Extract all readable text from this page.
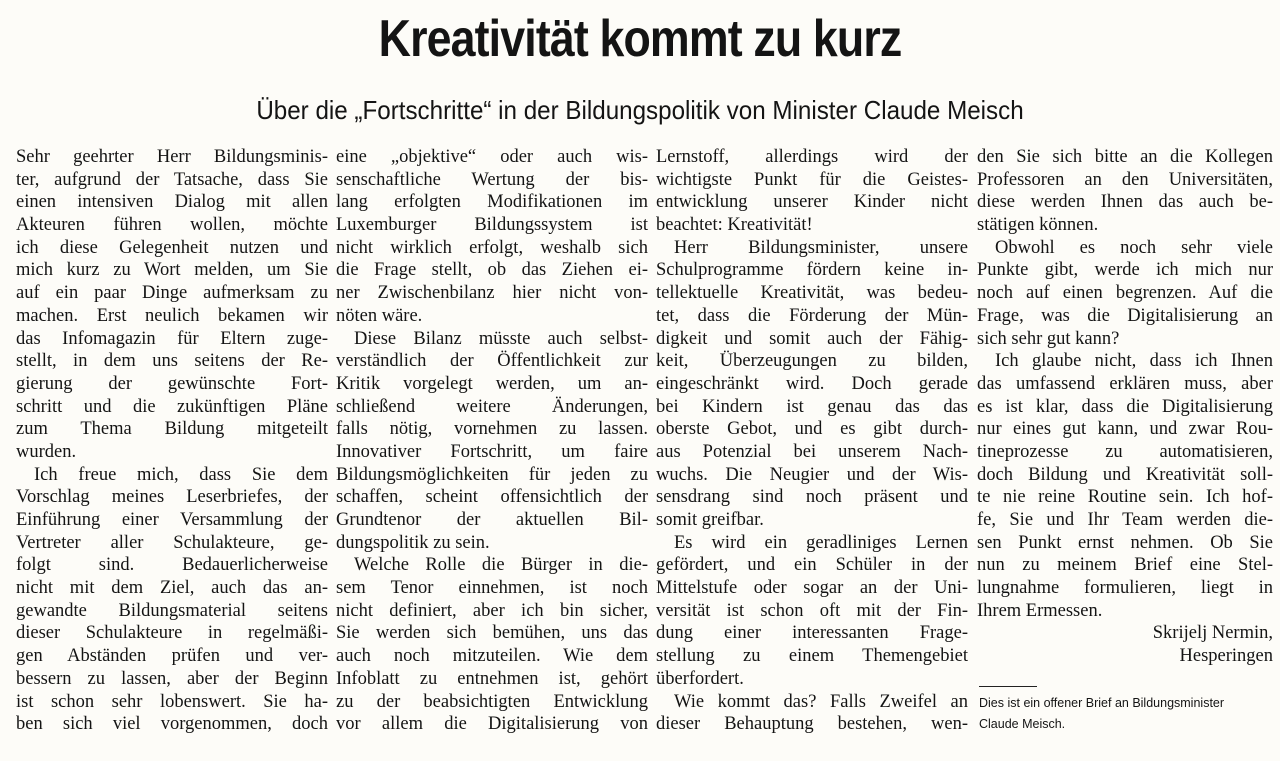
Kreativität kommt zu kurz
Über die „Fortschritte“ in der Bildungspolitik von Minister Claude Meisch
Sehr geehrter Herr Bildungsminis-
ter, aufgrund der Tatsache, dass Sie
einen intensiven Dialog mit allen
Akteuren führen wollen, möchte
ich diese Gelegenheit nutzen und
mich kurz zu Wort melden, um Sie
auf ein paar Dinge aufmerksam zu
machen. Erst neulich bekamen wir
das Infomagazin für Eltern zuge-
stellt, in dem uns seitens der Re-
gierung der gewünschte Fort-
schritt und die zukünftigen Pläne
zum Thema Bildung mitgeteilt
wurden.
Ich freue mich, dass Sie dem
Vorschlag meines Leserbriefes, der
Einführung einer Versammlung der
Vertreter aller Schulakteure, ge-
folgt sind. Bedauerlicherweise
nicht mit dem Ziel, auch das an-
gewandte Bildungsmaterial seitens
dieser Schulakteure in regelmäßi-
gen Abständen prüfen und ver-
bessern zu lassen, aber der Beginn
ist schon sehr lobenswert. Sie ha-
ben sich viel vorgenommen, doch
eine „objektive“ oder auch wis-
senschaftliche Wertung der bis-
lang erfolgten Modifikationen im
Luxemburger Bildungssystem ist
nicht wirklich erfolgt, weshalb sich
die Frage stellt, ob das Ziehen ei-
ner Zwischenbilanz hier nicht von-
nöten wäre.
Diese Bilanz müsste auch selbst-
verständlich der Öffentlichkeit zur
Kritik vorgelegt werden, um an-
schließend weitere Änderungen,
falls nötig, vornehmen zu lassen.
Innovativer Fortschritt, um faire
Bildungsmöglichkeiten für jeden zu
schaffen, scheint offensichtlich der
Grundtenor der aktuellen Bil-
dungspolitik zu sein.
Welche Rolle die Bürger in die-
sem Tenor einnehmen, ist noch
nicht definiert, aber ich bin sicher,
Sie werden sich bemühen, uns das
auch noch mitzuteilen. Wie dem
Infoblatt zu entnehmen ist, gehört
zu der beabsichtigten Entwicklung
vor allem die Digitalisierung von
Lernstoff, allerdings wird der
wichtigste Punkt für die Geistes-
entwicklung unserer Kinder nicht
beachtet: Kreativität!
Herr Bildungsminister, unsere
Schulprogramme fördern keine in-
tellektuelle Kreativität, was bedeu-
tet, dass die Förderung der Mün-
digkeit und somit auch der Fähig-
keit, Überzeugungen zu bilden,
eingeschränkt wird. Doch gerade
bei Kindern ist genau das das
oberste Gebot, und es gibt durch-
aus Potenzial bei unserem Nach-
wuchs. Die Neugier und der Wis-
sensdrang sind noch präsent und
somit greifbar.
Es wird ein geradliniges Lernen
gefördert, und ein Schüler in der
Mittelstufe oder sogar an der Uni-
versität ist schon oft mit der Fin-
dung einer interessanten Frage-
stellung zu einem Themengebiet
überfordert.
Wie kommt das? Falls Zweifel an
dieser Behauptung bestehen, wen-
den Sie sich bitte an die Kollegen
Professoren an den Universitäten,
diese werden Ihnen das auch be-
stätigen können.
Obwohl es noch sehr viele
Punkte gibt, werde ich mich nur
noch auf einen begrenzen. Auf die
Frage, was die Digitalisierung an
sich sehr gut kann?
Ich glaube nicht, dass ich Ihnen
das umfassend erklären muss, aber
es ist klar, dass die Digitalisierung
nur eines gut kann, und zwar Rou-
tineprozesse zu automatisieren,
doch Bildung und Kreativität soll-
te nie reine Routine sein. Ich hof-
fe, Sie und Ihr Team werden die-
sen Punkt ernst nehmen. Ob Sie
nun zu meinem Brief eine Stel-
lungnahme formulieren, liegt in
Ihrem Ermessen.
Skrijelj Nermin,
Hesperingen
Dies ist ein offener Brief an Bildungsminister
Claude Meisch.
